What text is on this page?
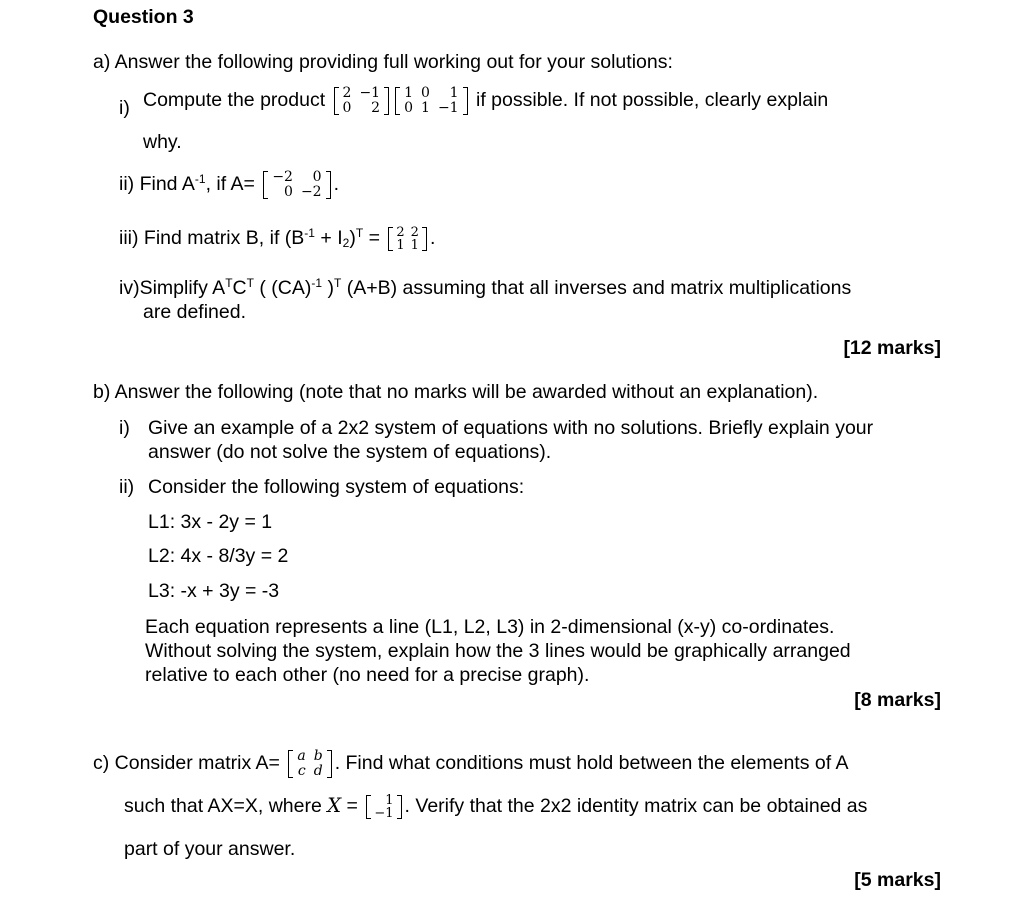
Question 3
a) Answer the following providing full working out for your solutions:
i) Compute the product 2	−1
0	2
1	0	1
0	1	−1 if possible. If not possible, clearly explain
why.
ii) Find $A^{-1}$, if A= −2	0
0	−2 .
iii) Find matrix B, if $(B^{-1} + I_2)^T = 2$	2
1	1 .
iv)Simplify $A^TC^T$ ( (CA)$^{-1}$ )$^T$ (A+B) assuming that all inverses and matrix multiplications
are defined.
[12 marks]
b) Answer the following (note that no marks will be awarded without an explanation).
i) Give an example of a 2x2 system of equations with no solutions. Briefly explain your
answer (do not solve the system of equations).
ii) Consider the following system of equations:
L1: 3x - 2y = 1
L2: 4x - 8/3y = 2
L3: -x + 3y = -3
Each equation represents a line (L1, L2, L3) in 2-dimensional (x-y) co-ordinates.
Without solving the system, explain how the 3 lines would be graphically arranged
relative to each other (no need for a precise graph).
[8 marks]
c) Consider matrix A= a	b
c	d . Find what conditions must hold between the elements of A
such that AX=X, where X = 1
−1 . Verify that the 2x2 identity matrix can be obtained as
part of your answer.
[5 marks]
